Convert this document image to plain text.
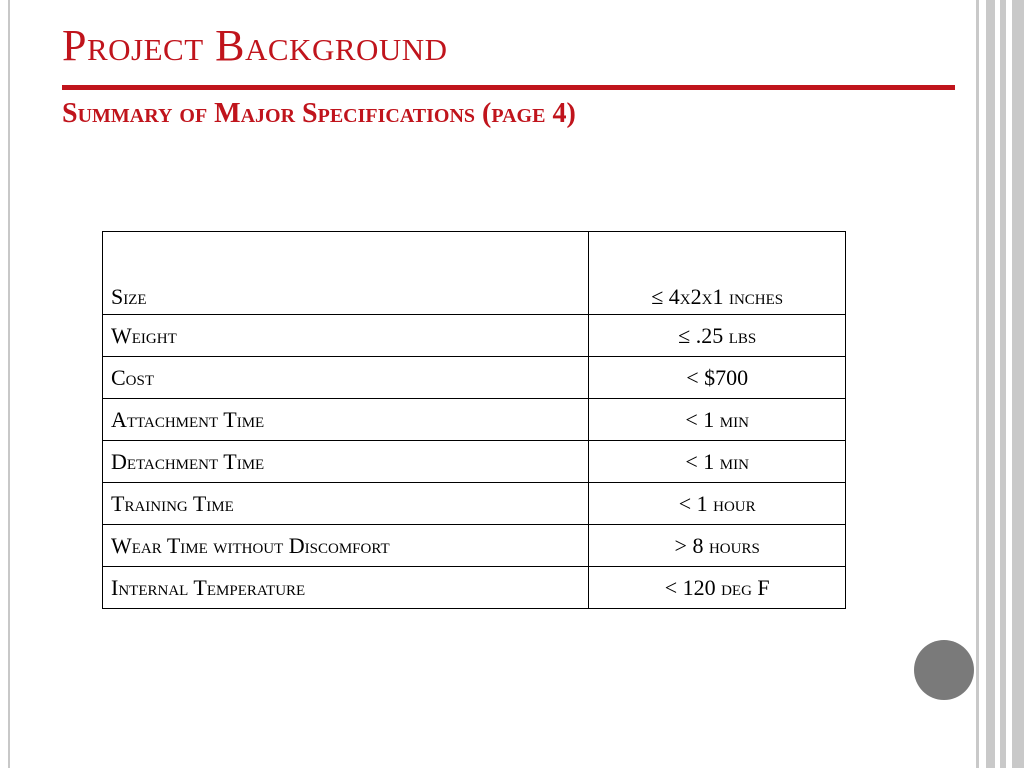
Project Background
Summary of Major Specifications (page 4)
Size	≤ 4x2x1 inches
Weight	≤ .25 lbs
Cost	< $700
Attachment Time	< 1 min
Detachment Time	< 1 min
Training Time	< 1 hour
Wear Time without Discomfort	> 8 hours
Internal Temperature	< 120 deg F
